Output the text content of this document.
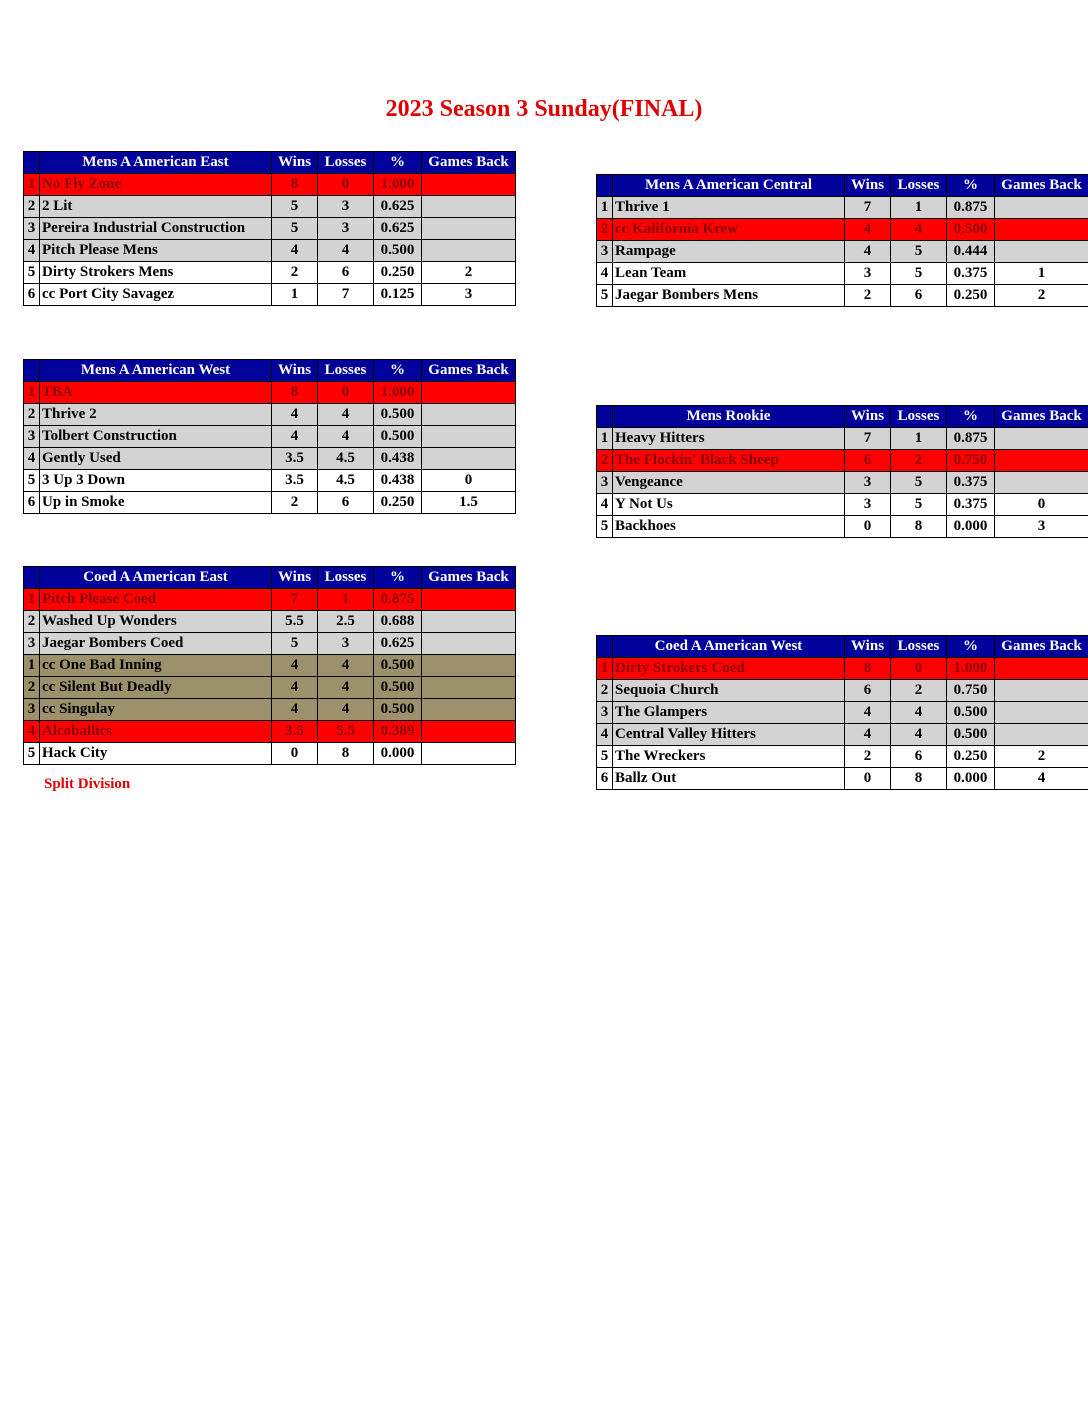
2023 Season 3 Sunday(FINAL)
	Mens A American East	Wins	Losses	%	Games Back
1	No Fly Zone	8	0	1.000	
2	2 Lit	5	3	0.625	
3	Pereira Industrial Construction	5	3	0.625	
4	Pitch Please Mens	4	4	0.500	
5	Dirty Strokers Mens	2	6	0.250	2
6	cc Port City Savagez	1	7	0.125	3
	Mens A American Central	Wins	Losses	%	Games Back
1	Thrive 1	7	1	0.875	
2	cc Kalifornia Krew	4	4	0.500	
3	Rampage	4	5	0.444	
4	Lean Team	3	5	0.375	1
5	Jaegar Bombers Mens	2	6	0.250	2
	Mens A American West	Wins	Losses	%	Games Back
1	TBA	8	0	1.000	
2	Thrive 2	4	4	0.500	
3	Tolbert Construction	4	4	0.500	
4	Gently Used	3.5	4.5	0.438	
5	3 Up 3 Down	3.5	4.5	0.438	0
6	Up in Smoke	2	6	0.250	1.5
	Mens Rookie	Wins	Losses	%	Games Back
1	Heavy Hitters	7	1	0.875	
2	The Flockin' Black Sheep	6	2	0.750	
3	Vengeance	3	5	0.375	
4	Y Not Us	3	5	0.375	0
5	Backhoes	0	8	0.000	3
	Coed A American East	Wins	Losses	%	Games Back
1	Pitch Please Coed	7	1	0.875	
2	Washed Up Wonders	5.5	2.5	0.688	
3	Jaegar Bombers Coed	5	3	0.625	
1	cc One Bad Inning	4	4	0.500	
2	cc Silent But Deadly	4	4	0.500	
3	cc Singulay	4	4	0.500	
4	Alcoballics	3.5	5.5	0.389	
5	Hack City	0	8	0.000	
	Coed A American West	Wins	Losses	%	Games Back
1	Dirty Strokers Coed	8	0	1.000	
2	Sequoia Church	6	2	0.750	
3	The Glampers	4	4	0.500	
4	Central Valley Hitters	4	4	0.500	
5	The Wreckers	2	6	0.250	2
6	Ballz Out	0	8	0.000	4
Split Division
